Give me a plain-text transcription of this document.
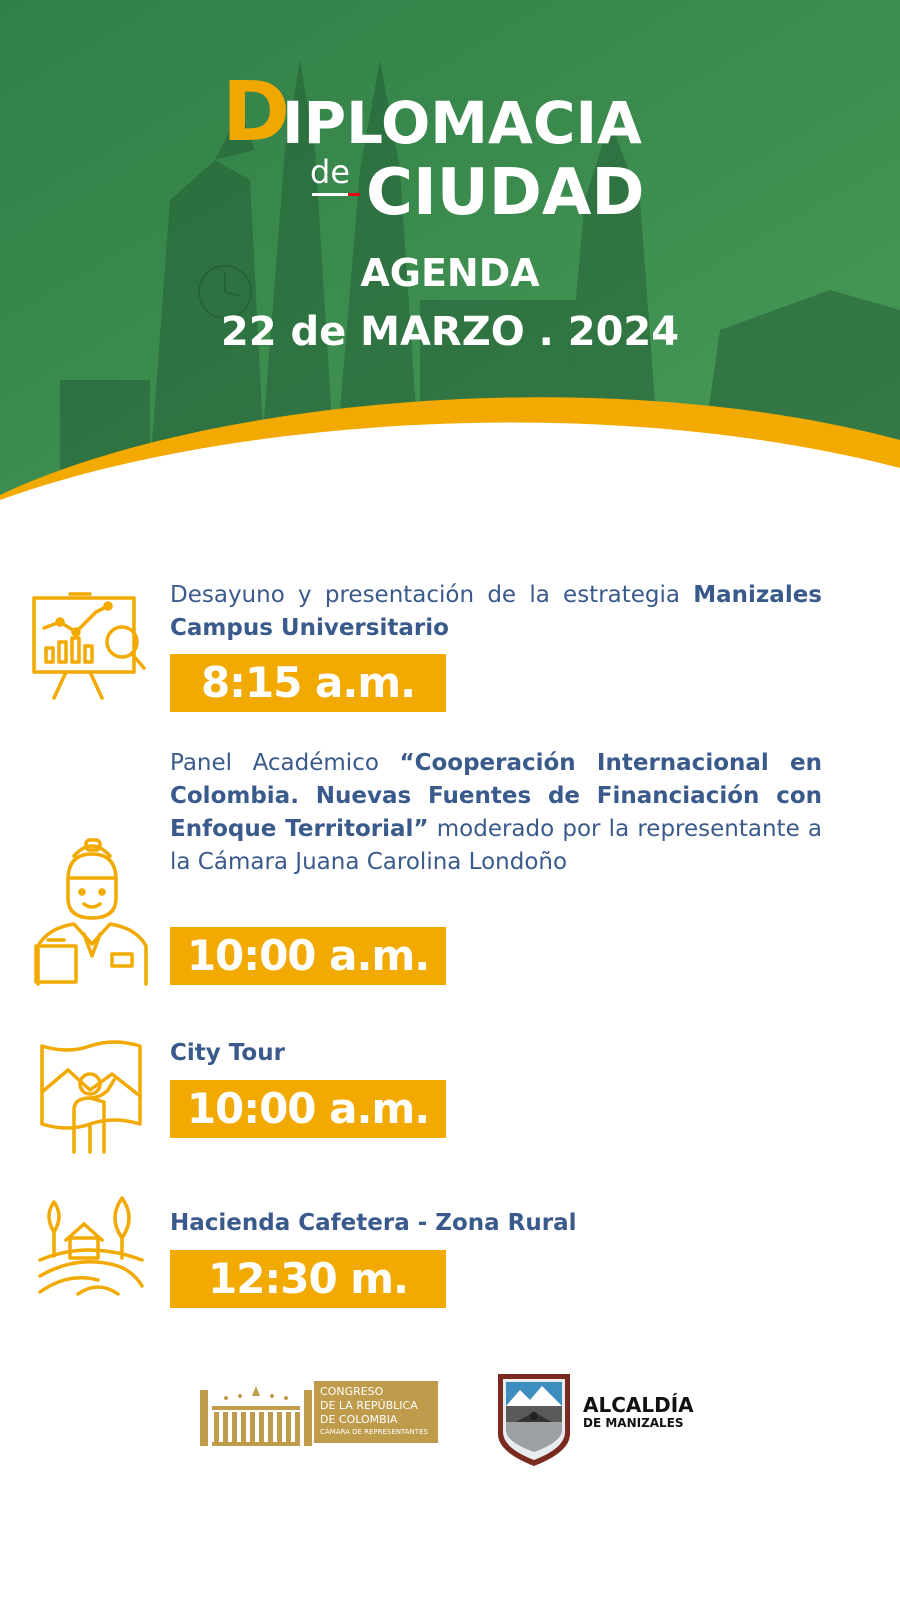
D
IPLOMACIA
de CIUDAD
AGENDA
22 de MARZO . 2024
Desayuno y presentación de la estrategia Manizales Campus Universitario
8:15 a.m.
Panel Académico “Cooperación Internacional en Colombia. Nuevas Fuentes de Financiación con Enfoque Territorial” moderado por la representante a la Cámara Juana Carolina Londoño
10:00 a.m.
City Tour
10:00 a.m.
Hacienda Cafetera - Zona Rural
12:30 m.
CONGRESO
DE LA REPÚBLICA
DE COLOMBIA
CÁMARA DE REPRESENTANTES
ALCALDÍA
DE MANIZALES
